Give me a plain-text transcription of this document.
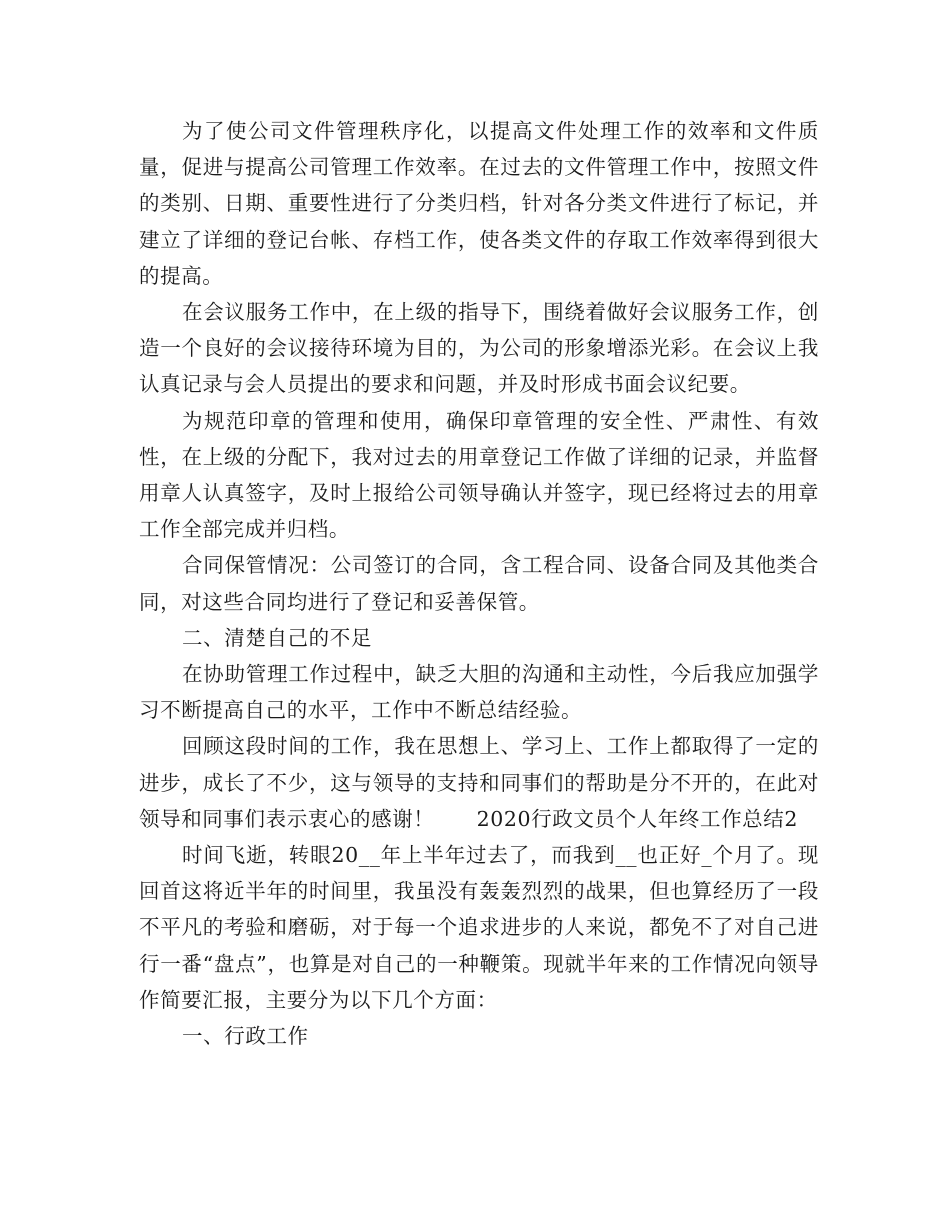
为了使公司文件管理秩序化，以提高文件处理工作的效率和文件质量，促进与提高公司管理工作效率。在过去的文件管理工作中，按照文件的类别、日期、重要性进行了分类归档，针对各分类文件进行了标记，并建立了详细的登记台帐、存档工作，使各类文件的存取工作效率得到很大的提高。

在会议服务工作中，在上级的指导下，围绕着做好会议服务工作，创造一个良好的会议接待环境为目的，为公司的形象增添光彩。在会议上我认真记录与会人员提出的要求和问题，并及时形成书面会议纪要。

为规范印章的管理和使用，确保印章管理的安全性、严肃性、有效性，在上级的分配下，我对过去的用章登记工作做了详细的记录，并监督用章人认真签字，及时上报给公司领导确认并签字，现已经将过去的用章工作全部完成并归档。

合同保管情况：公司签订的合同，含工程合同、设备合同及其他类合同，对这些合同均进行了登记和妥善保管。

二、清楚自己的不足

在协助管理工作过程中，缺乏大胆的沟通和主动性，今后我应加强学习不断提高自己的水平，工作中不断总结经验。

回顾这段时间的工作，我在思想上、学习上、工作上都取得了一定的进步，成长了不少，这与领导的支持和同事们的帮助是分不开的，在此对领导和同事们表示衷心的感谢！　　2020行政文员个人年终工作总结2

时间飞逝，转眼20__年上半年过去了，而我到__也正好_个月了。现回首这将近半年的时间里，我虽没有轰轰烈烈的战果，但也算经历了一段不平凡的考验和磨砺，对于每一个追求进步的人来说，都免不了对自己进行一番“盘点”，也算是对自己的一种鞭策。现就半年来的工作情况向领导作简要汇报，主要分为以下几个方面：

一、行政工作
